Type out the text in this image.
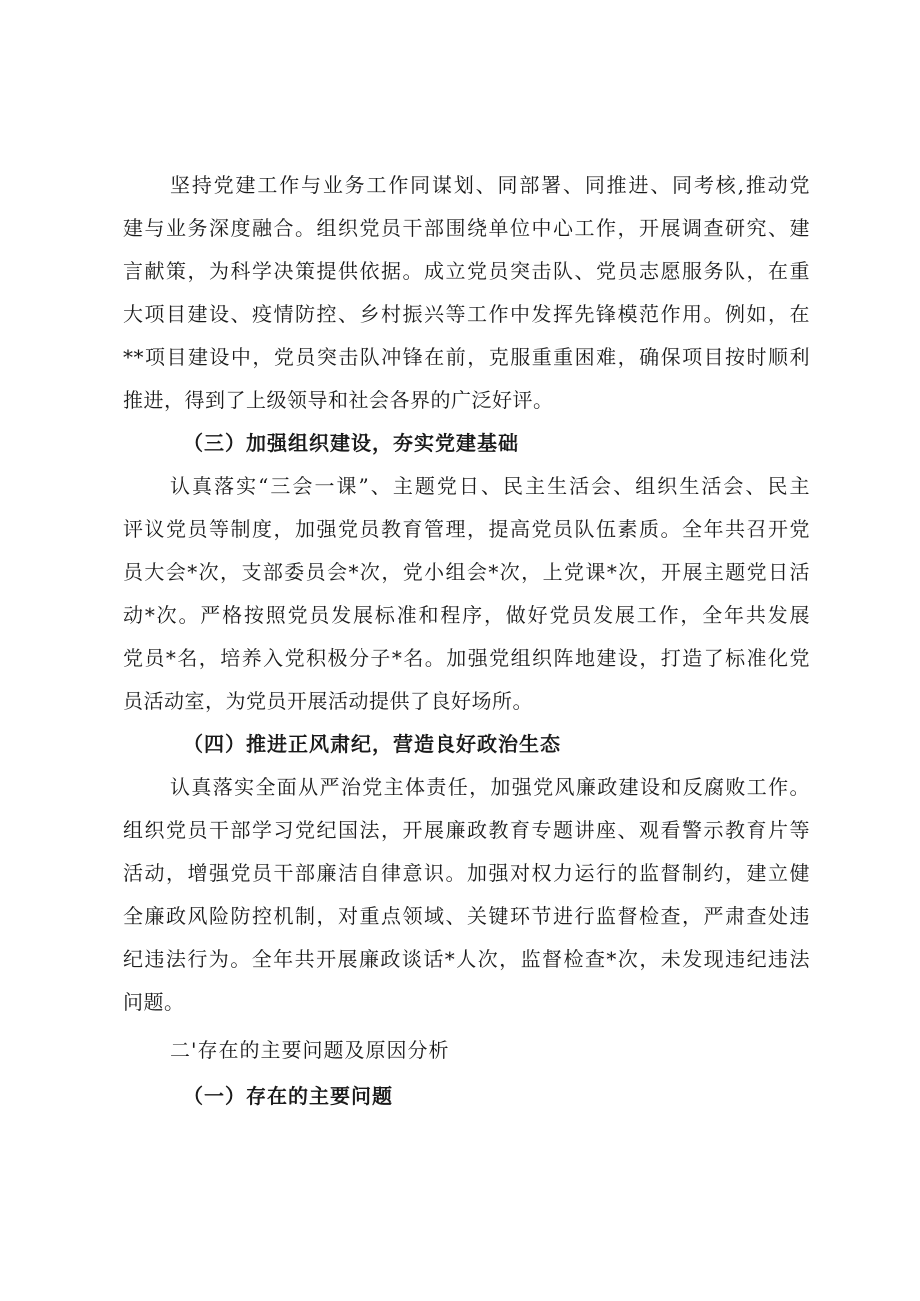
坚持党建工作与业务工作同谋划、同部署、同推进、同考核,推动党
建与业务深度融合。组织党员干部围绕单位中心工作，开展调查研究、建
言献策，为科学决策提供依据。成立党员突击队、党员志愿服务队，在重
大项目建设、疫情防控、乡村振兴等工作中发挥先锋模范作用。例如，在
**项目建设中，党员突击队冲锋在前，克服重重困难，确保项目按时顺利
推进，得到了上级领导和社会各界的广泛好评。
（三）加强组织建设，夯实党建基础
认真落实“三会一课”、主题党日、民主生活会、组织生活会、民主
评议党员等制度，加强党员教育管理，提高党员队伍素质。全年共召开党
员大会*次，支部委员会*次，党小组会*次，上党课*次，开展主题党日活
动*次。严格按照党员发展标准和程序，做好党员发展工作，全年共发展
党员*名，培养入党积极分子*名。加强党组织阵地建设，打造了标准化党
员活动室，为党员开展活动提供了良好场所。
（四）推进正风肃纪，营造良好政治生态
认真落实全面从严治党主体责任，加强党风廉政建设和反腐败工作。
组织党员干部学习党纪国法，开展廉政教育专题讲座、观看警示教育片等
活动，增强党员干部廉洁自律意识。加强对权力运行的监督制约，建立健
全廉政风险防控机制，对重点领域、关键环节进行监督检查，严肃查处违
纪违法行为。全年共开展廉政谈话*人次，监督检查*次，未发现违纪违法
问题。
二'存在的主要问题及原因分析
（一）存在的主要问题
